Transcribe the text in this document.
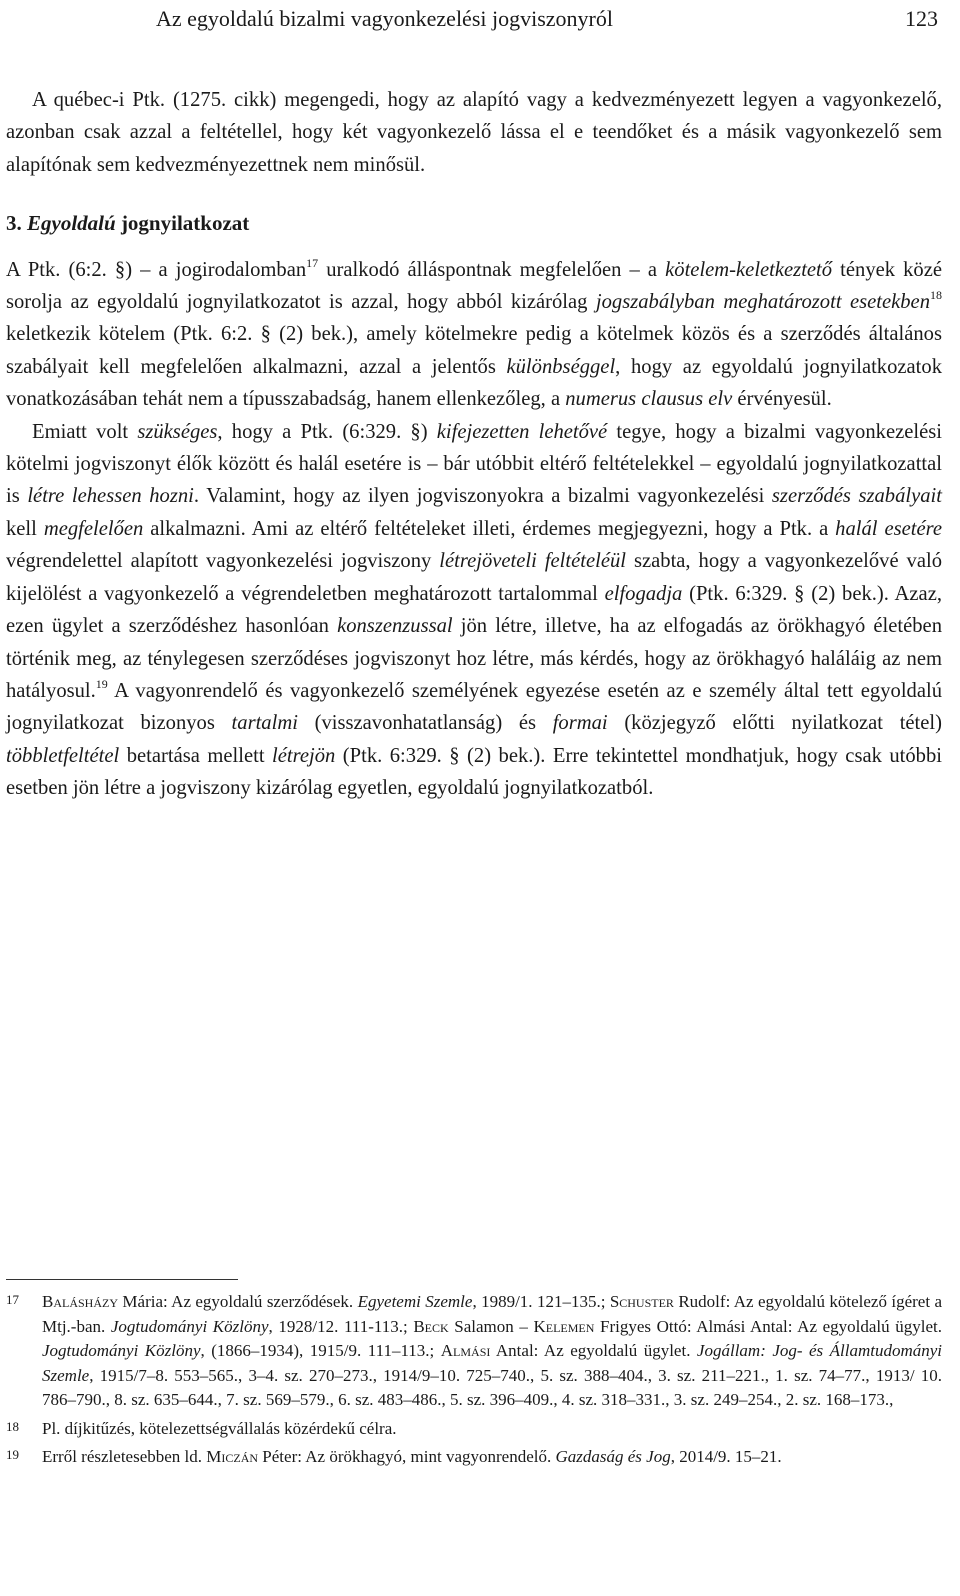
Az egyoldalú bizalmi vagyonkezelési jogviszonyról	123

A québec-i Ptk. (1275. cikk) megengedi, hogy az alapító vagy a kedvezményezett legyen a vagyonkezelő, azonban csak azzal a feltétellel, hogy két vagyonkezelő lássa el e teendőket és a másik vagyonkezelő sem alapítónak sem kedvezményezettnek nem minősül.

3. Egyoldalú jognyilatkozat

A Ptk. (6:2. §) – a jogirodalomban$^{17}$ uralkodó álláspontnak megfelelően – a kötelem-keletkeztető tények közé sorolja az egyoldalú jognyilatkozatot is azzal, hogy abból kizárólag jogszabályban meghatározott esetekben$^{18}$ keletkezik kötelem (Ptk. 6:2. § (2) bek.), amely kötelmekre pedig a kötelmek közös és a szerződés általános szabályait kell megfelelően alkalmazni, azzal a jelentős különbséggel, hogy az egyoldalú jognyilatkozatok vonatkozásában tehát nem a típusszabadság, hanem ellenkezőleg, a numerus clausus elv érvényesül.

Emiatt volt szükséges, hogy a Ptk. (6:329. §) kifejezetten lehetővé tegye, hogy a bizalmi vagyonkezelési kötelmi jogviszonyt élők között és halál esetére is – bár utóbbit eltérő feltételekkel – egyoldalú jognyilatkozattal is létre lehessen hozni. Valamint, hogy az ilyen jogviszonyokra a bizalmi vagyonkezelési szerződés szabályait kell megfelelően alkalmazni. Ami az eltérő feltételeket illeti, érdemes megjegyezni, hogy a Ptk. a halál esetére végrendelettel alapított vagyonkezelési jogviszony létrejöveteli feltételéül szabta, hogy a vagyonkezelővé való kijelölést a vagyonkezelő a végrendeletben meghatározott tartalommal elfogadja (Ptk. 6:329. § (2) bek.). Azaz, ezen ügylet a szerződéshez hasonlóan konszenzussal jön létre, illetve, ha az elfogadás az örökhagyó életében történik meg, az ténylegesen szerződéses jogviszonyt hoz létre, más kérdés, hogy az örökhagyó haláláig az nem hatályosul.$^{19}$ A vagyonrendelő és vagyonkezelő személyének egyezése esetén az e személy által tett egyoldalú jognyilatkozat bizonyos tartalmi (visszavonhatatlanság) és formai (közjegyző előtti nyilatkozat tétel) többletfeltétel betartása mellett létrejön (Ptk. 6:329. § (2) bek.). Erre tekintettel mondhatjuk, hogy csak utóbbi esetben jön létre a jogviszony kizárólag egyetlen, egyoldalú jognyilatkozatból.

17 Balásházy Mária: Az egyoldalú szerződések. Egyetemi Szemle, 1989/1. 121–135.; Schuster Rudolf: Az egyoldalú kötelező ígéret a Mtj.-ban. Jogtudományi Közlöny, 1928/12. 111-113.; Beck Salamon – Kelemen Frigyes Ottó: Almási Antal: Az egyoldalú ügylet. Jogtudományi Közlöny, (1866–1934), 1915/9. 111–113.; Almási Antal: Az egyoldalú ügylet. Jogállam: Jog- és Államtudományi Szemle, 1915/7–8. 553–565., 3–4. sz. 270–273., 1914/9–10. 725–740., 5. sz. 388–404., 3. sz. 211–221., 1. sz. 74–77., 1913/ 10. 786–790., 8. sz. 635–644., 7. sz. 569–579., 6. sz. 483–486., 5. sz. 396–409., 4. sz. 318–331., 3. sz. 249–254., 2. sz. 168–173.,
18 Pl. díjkitűzés, kötelezettségvállalás közérdekű célra.
19 Erről részletesebben ld. Miczán Péter: Az örökhagyó, mint vagyonrendelő. Gazdaság és Jog, 2014/9. 15–21.
